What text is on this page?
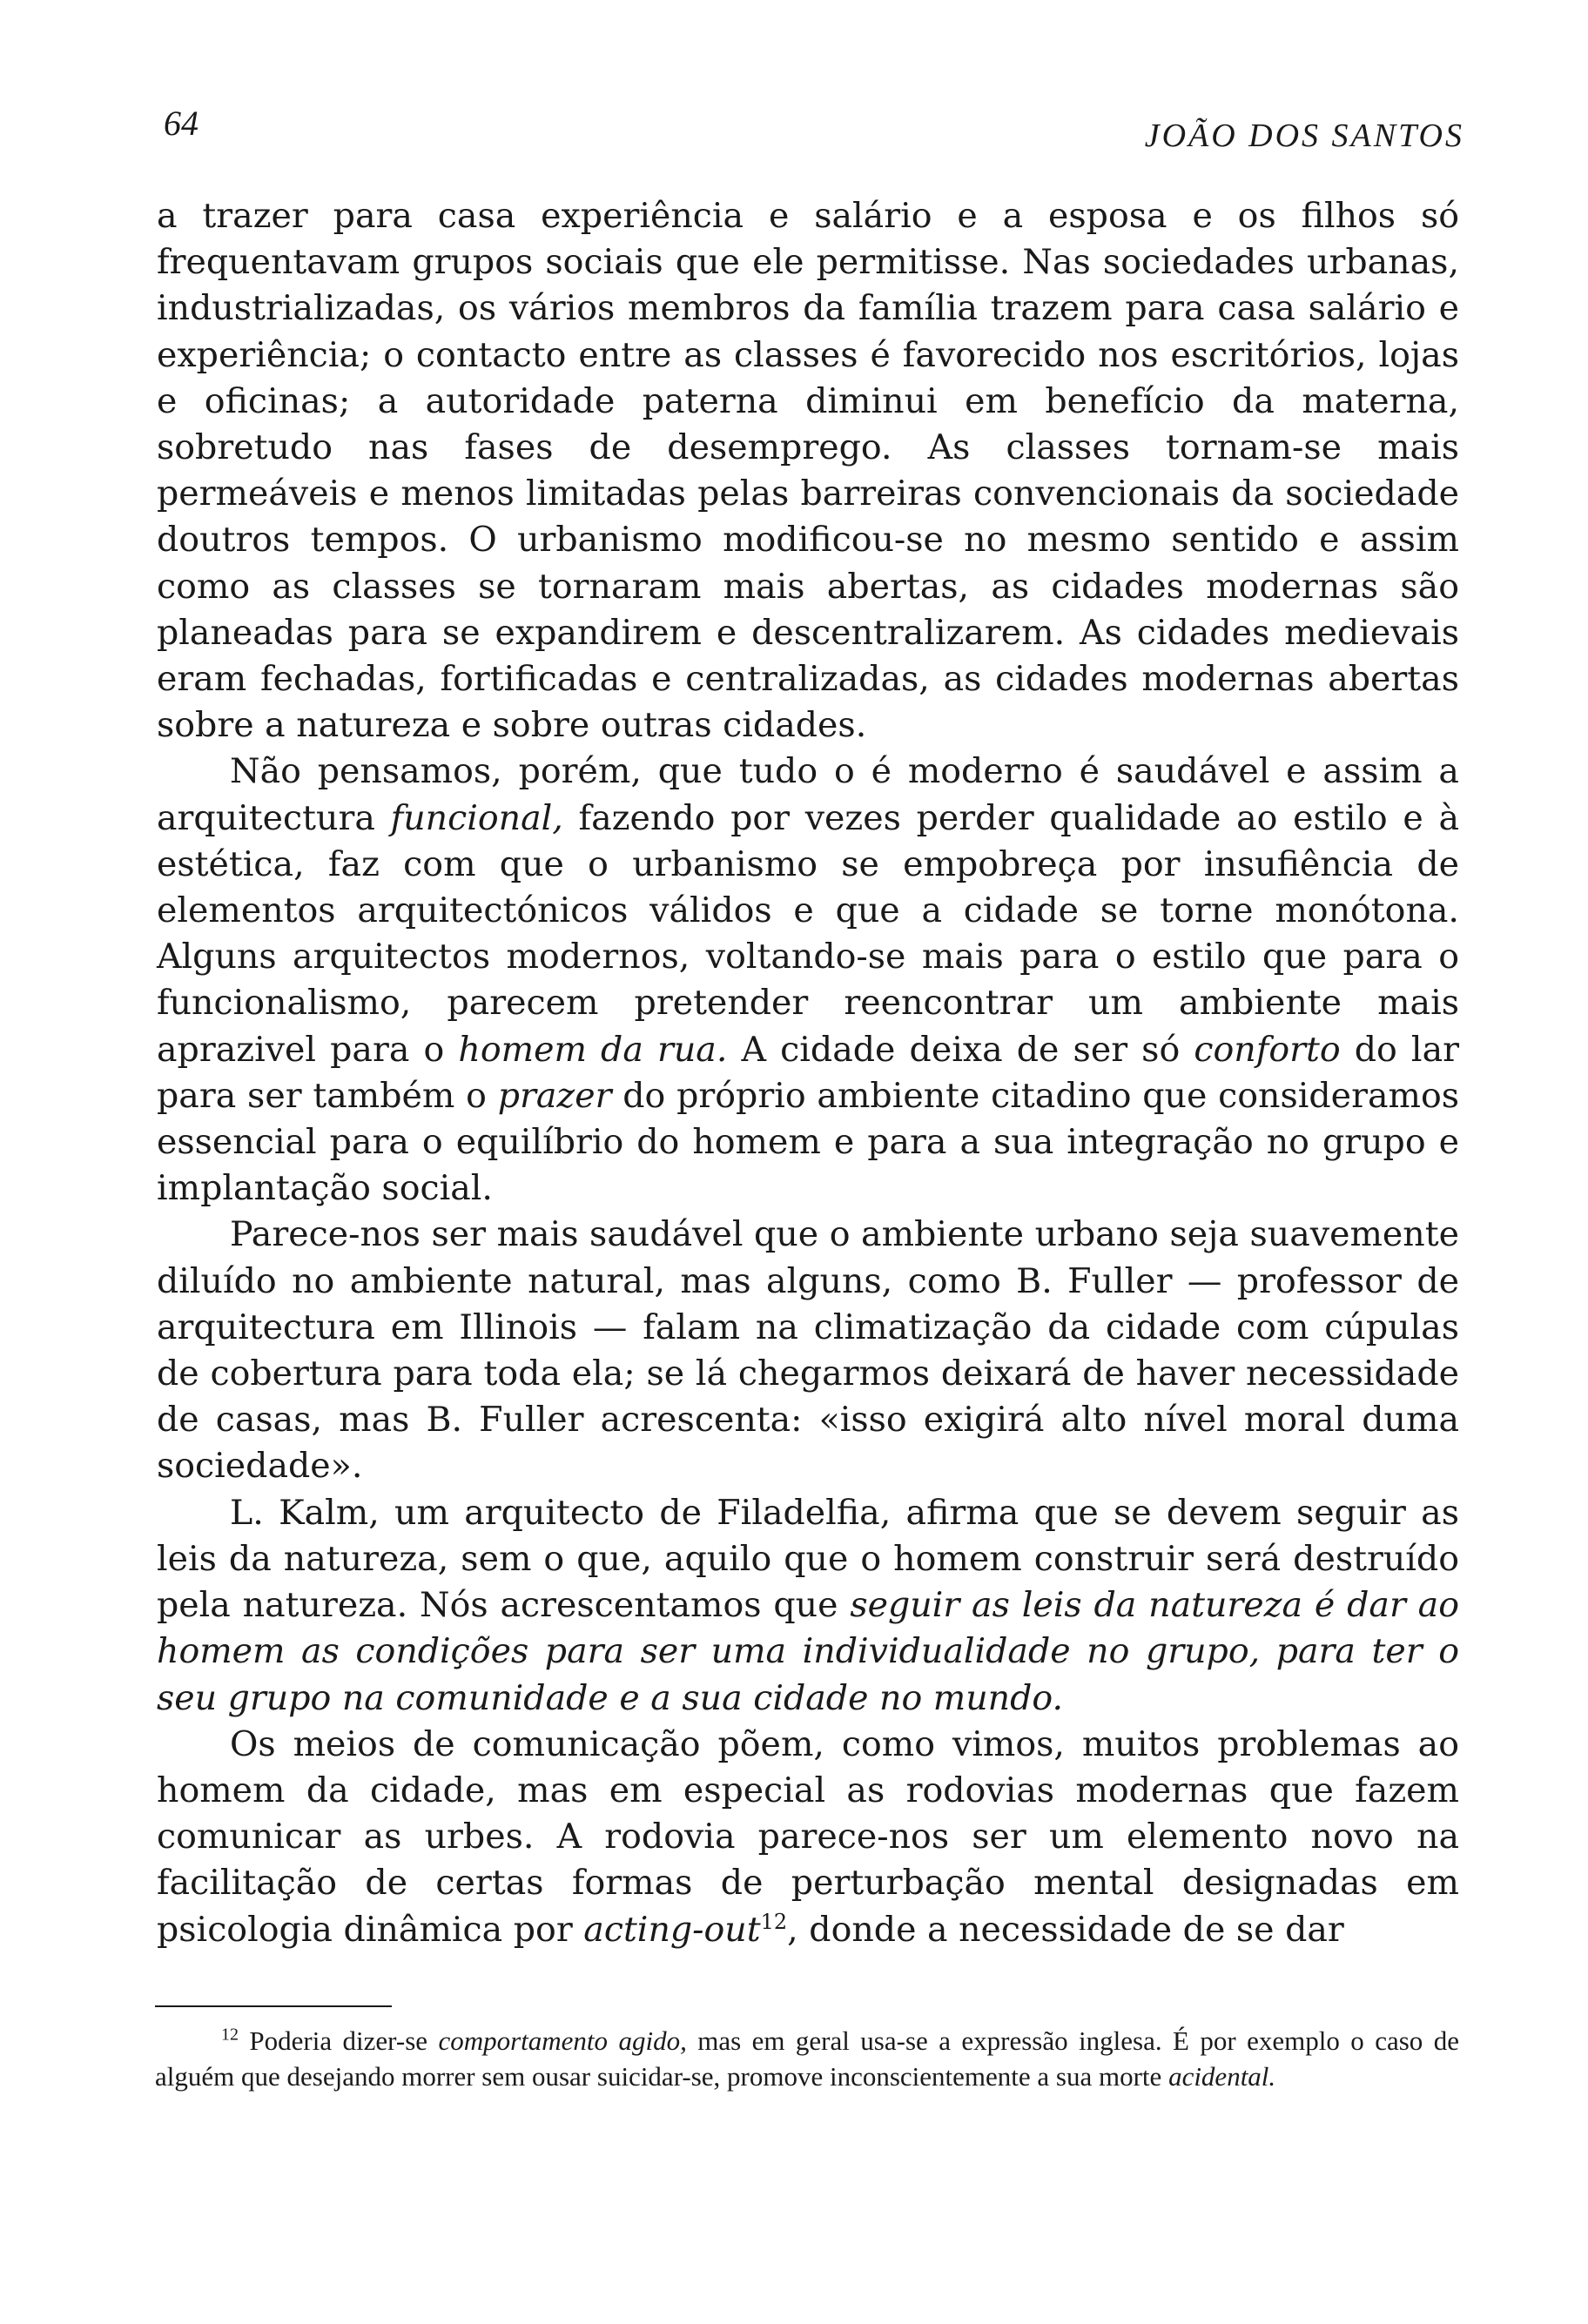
64	JOÃO DOS SANTOS

a trazer para casa experiência e salário e a esposa e os filhos só frequentavam grupos sociais que ele permitisse. Nas sociedades urbanas, industrializadas, os vários membros da família trazem para casa salário e experiência; o contacto entre as classes é favorecido nos escritórios, lojas e oficinas; a autoridade paterna diminui em benefício da materna, sobretudo nas fases de desemprego. As classes tornam-se mais permeáveis e menos limitadas pelas barreiras convencionais da sociedade doutros tempos. O urbanismo modificou-se no mesmo sentido e assim como as classes se tornaram mais abertas, as cidades modernas são planeadas para se expandirem e descentralizarem. As cidades medievais eram fechadas, fortificadas e centralizadas, as cidades modernas abertas sobre a natureza e sobre outras cidades.

Não pensamos, porém, que tudo o é moderno é saudável e assim a arquitectura funcional, fazendo por vezes perder qualidade ao estilo e à estética, faz com que o urbanismo se empobreça por insufiência de elementos arquitectónicos válidos e que a cidade se torne monótona. Alguns arquitectos modernos, voltando-se mais para o estilo que para o funcionalismo, parecem pretender reencontrar um ambiente mais aprazivel para o homem da rua. A cidade deixa de ser só conforto do lar para ser também o prazer do próprio ambiente citadino que consideramos essencial para o equilíbrio do homem e para a sua integração no grupo e implantação social.

Parece-nos ser mais saudável que o ambiente urbano seja suavemente diluído no ambiente natural, mas alguns, como B. Fuller — professor de arquitectura em Illinois — falam na climatização da cidade com cúpulas de cobertura para toda ela; se lá chegarmos deixará de haver necessidade de casas, mas B. Fuller acrescenta: «isso exigirá alto nível moral duma sociedade».

L. Kalm, um arquitecto de Filadelfia, afirma que se devem seguir as leis da natureza, sem o que, aquilo que o homem construir será destruído pela natureza. Nós acrescentamos que seguir as leis da natureza é dar ao homem as condições para ser uma individualidade no grupo, para ter o seu grupo na comunidade e a sua cidade no mundo.

Os meios de comunicação põem, como vimos, muitos problemas ao homem da cidade, mas em especial as rodovias modernas que fazem comunicar as urbes. A rodovia parece-nos ser um elemento novo na facilitação de certas formas de perturbação mental designadas em psicologia dinâmica por acting-out$^{12}$, donde a necessidade de se dar

$^{12}$ Poderia dizer-se comportamento agido, mas em geral usa-se a expressão inglesa. É por exemplo o caso de alguém que desejando morrer sem ousar suicidar-se, promove inconscientemente a sua morte acidental.
